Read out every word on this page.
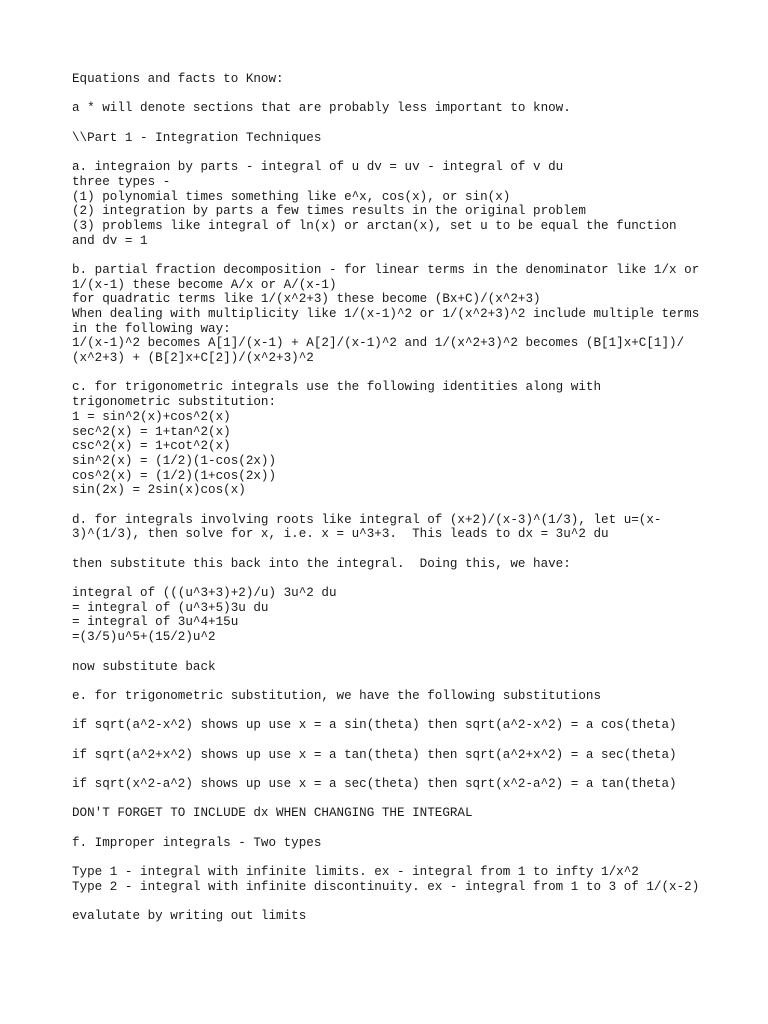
Equations and facts to Know:
a * will denote sections that are probably less important to know.
\\Part 1 - Integration Techniques
a. integraion by parts - integral of u dv = uv - integral of v du
three types -
(1) polynomial times something like e^x, cos(x), or sin(x)
(2) integration by parts a few times results in the original problem
(3) problems like integral of ln(x) or arctan(x), set u to be equal the function
and dv = 1
b. partial fraction decomposition - for linear terms in the denominator like 1/x or
1/(x-1) these become A/x or A/(x-1)
for quadratic terms like 1/(x^2+3) these become (Bx+C)/(x^2+3)
When dealing with multiplicity like 1/(x-1)^2 or 1/(x^2+3)^2 include multiple terms
in the following way:
1/(x-1)^2 becomes A[1]/(x-1) + A[2]/(x-1)^2 and 1/(x^2+3)^2 becomes (B[1]x+C[1])/
(x^2+3) + (B[2]x+C[2])/(x^2+3)^2
c. for trigonometric integrals use the following identities along with
trigonometric substitution:
1 = sin^2(x)+cos^2(x)
sec^2(x) = 1+tan^2(x)
csc^2(x) = 1+cot^2(x)
sin^2(x) = (1/2)(1-cos(2x))
cos^2(x) = (1/2)(1+cos(2x))
sin(2x) = 2sin(x)cos(x)
d. for integrals involving roots like integral of (x+2)/(x-3)^(1/3), let u=(x-
3)^(1/3), then solve for x, i.e. x = u^3+3.  This leads to dx = 3u^2 du
then substitute this back into the integral.  Doing this, we have:
integral of (((u^3+3)+2)/u) 3u^2 du
= integral of (u^3+5)3u du
= integral of 3u^4+15u
=(3/5)u^5+(15/2)u^2
now substitute back
e. for trigonometric substitution, we have the following substitutions
if sqrt(a^2-x^2) shows up use x = a sin(theta) then sqrt(a^2-x^2) = a cos(theta)
if sqrt(a^2+x^2) shows up use x = a tan(theta) then sqrt(a^2+x^2) = a sec(theta)
if sqrt(x^2-a^2) shows up use x = a sec(theta) then sqrt(x^2-a^2) = a tan(theta)
DON'T FORGET TO INCLUDE dx WHEN CHANGING THE INTEGRAL
f. Improper integrals - Two types
Type 1 - integral with infinite limits. ex - integral from 1 to infty 1/x^2
Type 2 - integral with infinite discontinuity. ex - integral from 1 to 3 of 1/(x-2)
evalutate by writing out limits
